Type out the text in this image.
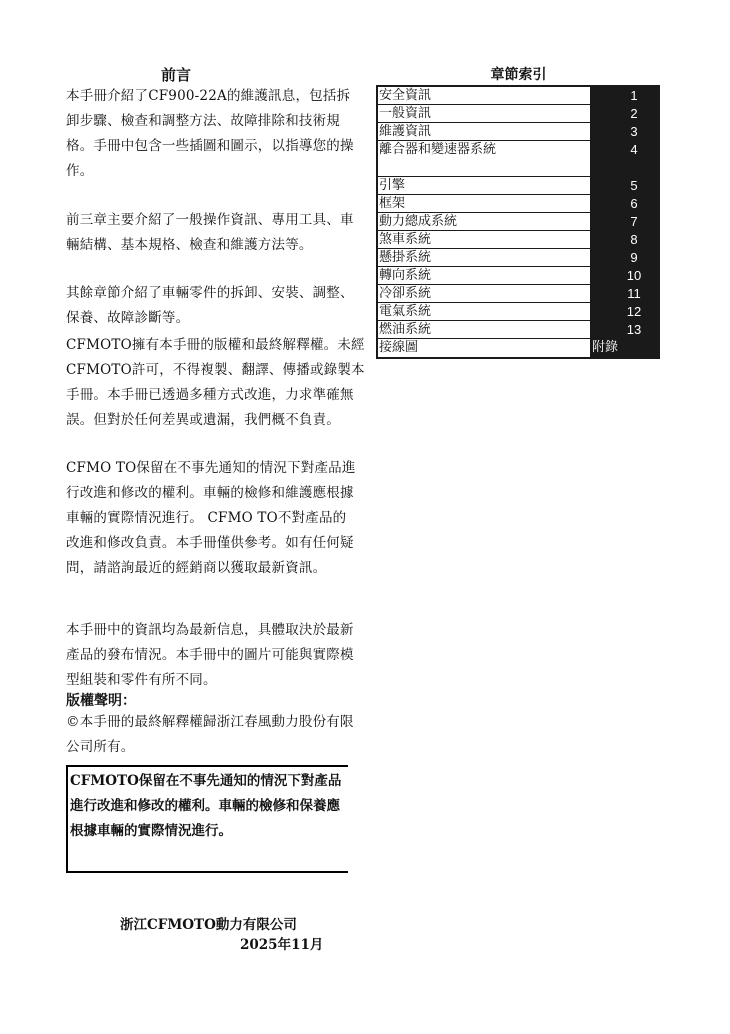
前言

本手冊介紹了CF900-22A的維護訊息，包括拆卸步驟、檢查和調整方法、故障排除和技術規格。手冊中包含一些插圖和圖示，以指導您的操作。

前三章主要介紹了一般操作資訊、專用工具、車輛結構、基本規格、檢查和維護方法等。

其餘章節介紹了車輛零件的拆卸、安裝、調整、保養、故障診斷等。

CFMOTO擁有本手冊的版權和最終解釋權。未經CFMOTO許可，不得複製、翻譯、傳播或錄製本手冊。本手冊已透過多種方式改進，力求準確無誤。但對於任何差異或遺漏，我們概不負責。

CFMO TO保留在不事先通知的情況下對產品進行改進和修改的權利。車輛的檢修和維護應根據車輛的實際情況進行。 CFMO TO不對產品的改進和修改負責。本手冊僅供參考。如有任何疑問，請諮詢最近的經銷商以獲取最新資訊。

本手冊中的資訊均為最新信息，具體取決於最新產品的發布情況。本手冊中的圖片可能與實際模型組裝和零件有所不同。

版權聲明：

©本手冊的最終解釋權歸浙江春風動力股份有限公司所有。

CFMOTO保留在不事先通知的情況下對產品進行改進和修改的權利。車輛的檢修和保養應根據車輛的實際情況進行。

浙江CFMOTO動力有限公司
2025年11月
章節索引
安全資訊	1
一般資訊	2
維護資訊	3
離合器和變速器系統	4
引擎	5
框架	6
動力總成系統	7
煞車系統	8
懸掛系統	9
轉向系統	10
冷卻系統	11
電氣系統	12
燃油系統	13
接線圖	附錄
